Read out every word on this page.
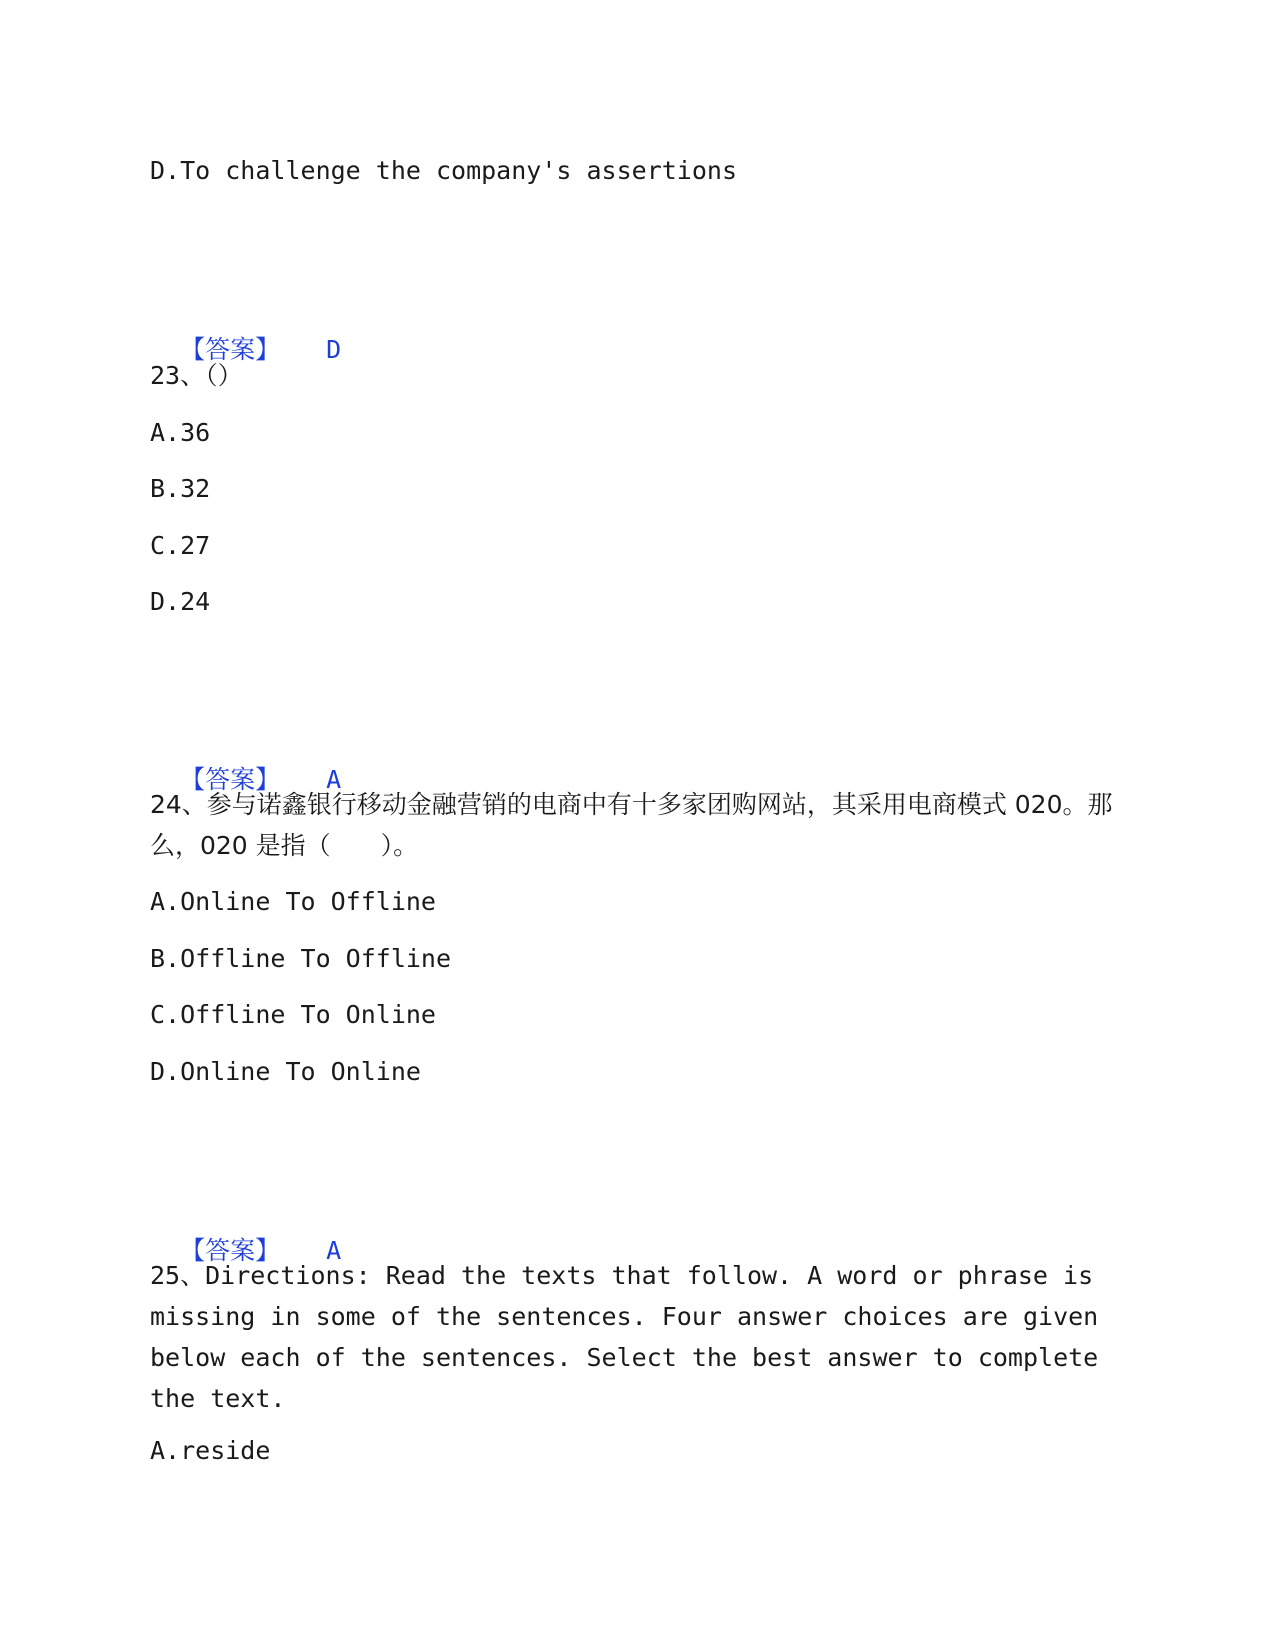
D.To challenge the company's assertions

【答案】 D

23、（）
A.36
B.32
C.27
D.24

【答案】 A

24、参与诺鑫银行移动金融营销的电商中有十多家团购网站，其采用电商模式 020。那么，020 是指（　　）。

A.Online To Offline
B.Offline To Offline
C.Offline To Online
D.Online To Online

【答案】 A

25、Directions: Read the texts that follow. A word or phrase is missing in some of the sentences. Four answer choices are given below each of the sentences. Select the best answer to complete the text.

A.reside
